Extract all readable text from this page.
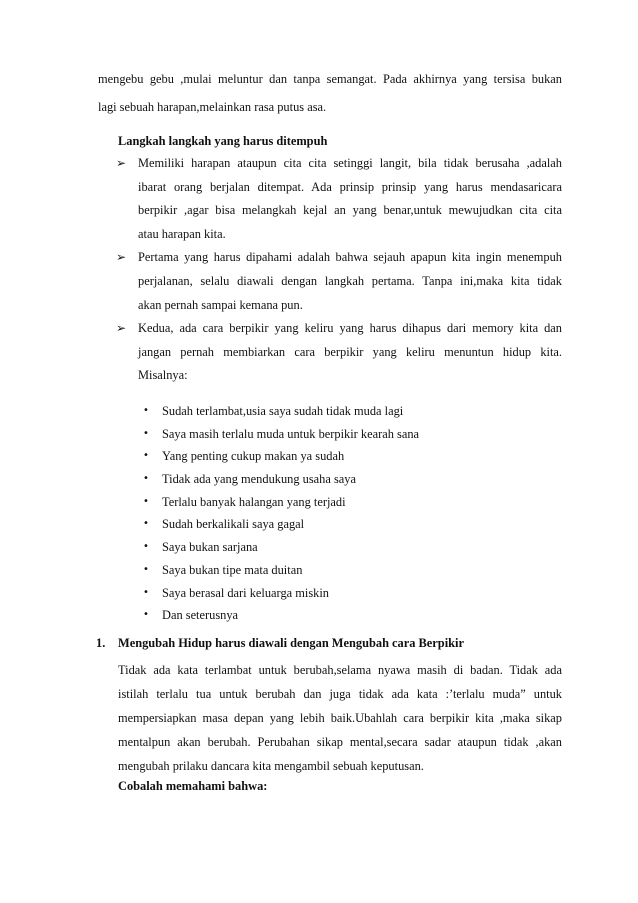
mengebu gebu ,mulai meluntur dan tanpa semangat. Pada akhirnya yang tersisa bukan
lagi sebuah harapan,melainkan rasa putus asa.
Langkah langkah yang harus ditempuh
➢ Memiliki harapan ataupun cita cita setinggi langit, bila tidak berusaha ,adalah
ibarat orang berjalan ditempat. Ada prinsip prinsip yang harus mendasaricara
berpikir ,agar bisa melangkah kejal an yang benar,untuk mewujudkan cita cita
atau harapan kita.
➢ Pertama yang harus dipahami adalah bahwa sejauh apapun kita ingin menempuh
perjalanan, selalu diawali dengan langkah pertama. Tanpa ini,maka kita tidak
akan pernah sampai kemana pun.
➢ Kedua, ada cara berpikir yang keliru yang harus dihapus dari memory kita dan
jangan pernah membiarkan cara berpikir yang keliru menuntun hidup kita.
Misalnya:
• Sudah terlambat,usia saya sudah tidak muda lagi
• Saya masih terlalu muda untuk berpikir kearah sana
• Yang penting cukup makan ya sudah
• Tidak ada yang mendukung usaha saya
• Terlalu banyak halangan yang terjadi
• Sudah berkalikali saya gagal
• Saya bukan sarjana
• Saya bukan tipe mata duitan
• Saya berasal dari keluarga miskin
• Dan seterusnya
1. Mengubah Hidup harus diawali dengan Mengubah cara Berpikir
Tidak ada kata terlambat untuk berubah,selama nyawa masih di badan. Tidak ada
istilah terlalu tua untuk berubah dan juga tidak ada kata :’terlalu muda” untuk
mempersiapkan masa depan yang lebih baik.Ubahlah cara berpikir kita ,maka sikap
mentalpun akan berubah. Perubahan sikap mental,secara sadar ataupun tidak ,akan
mengubah prilaku dancara kita mengambil sebuah keputusan.
Cobalah memahami bahwa:
